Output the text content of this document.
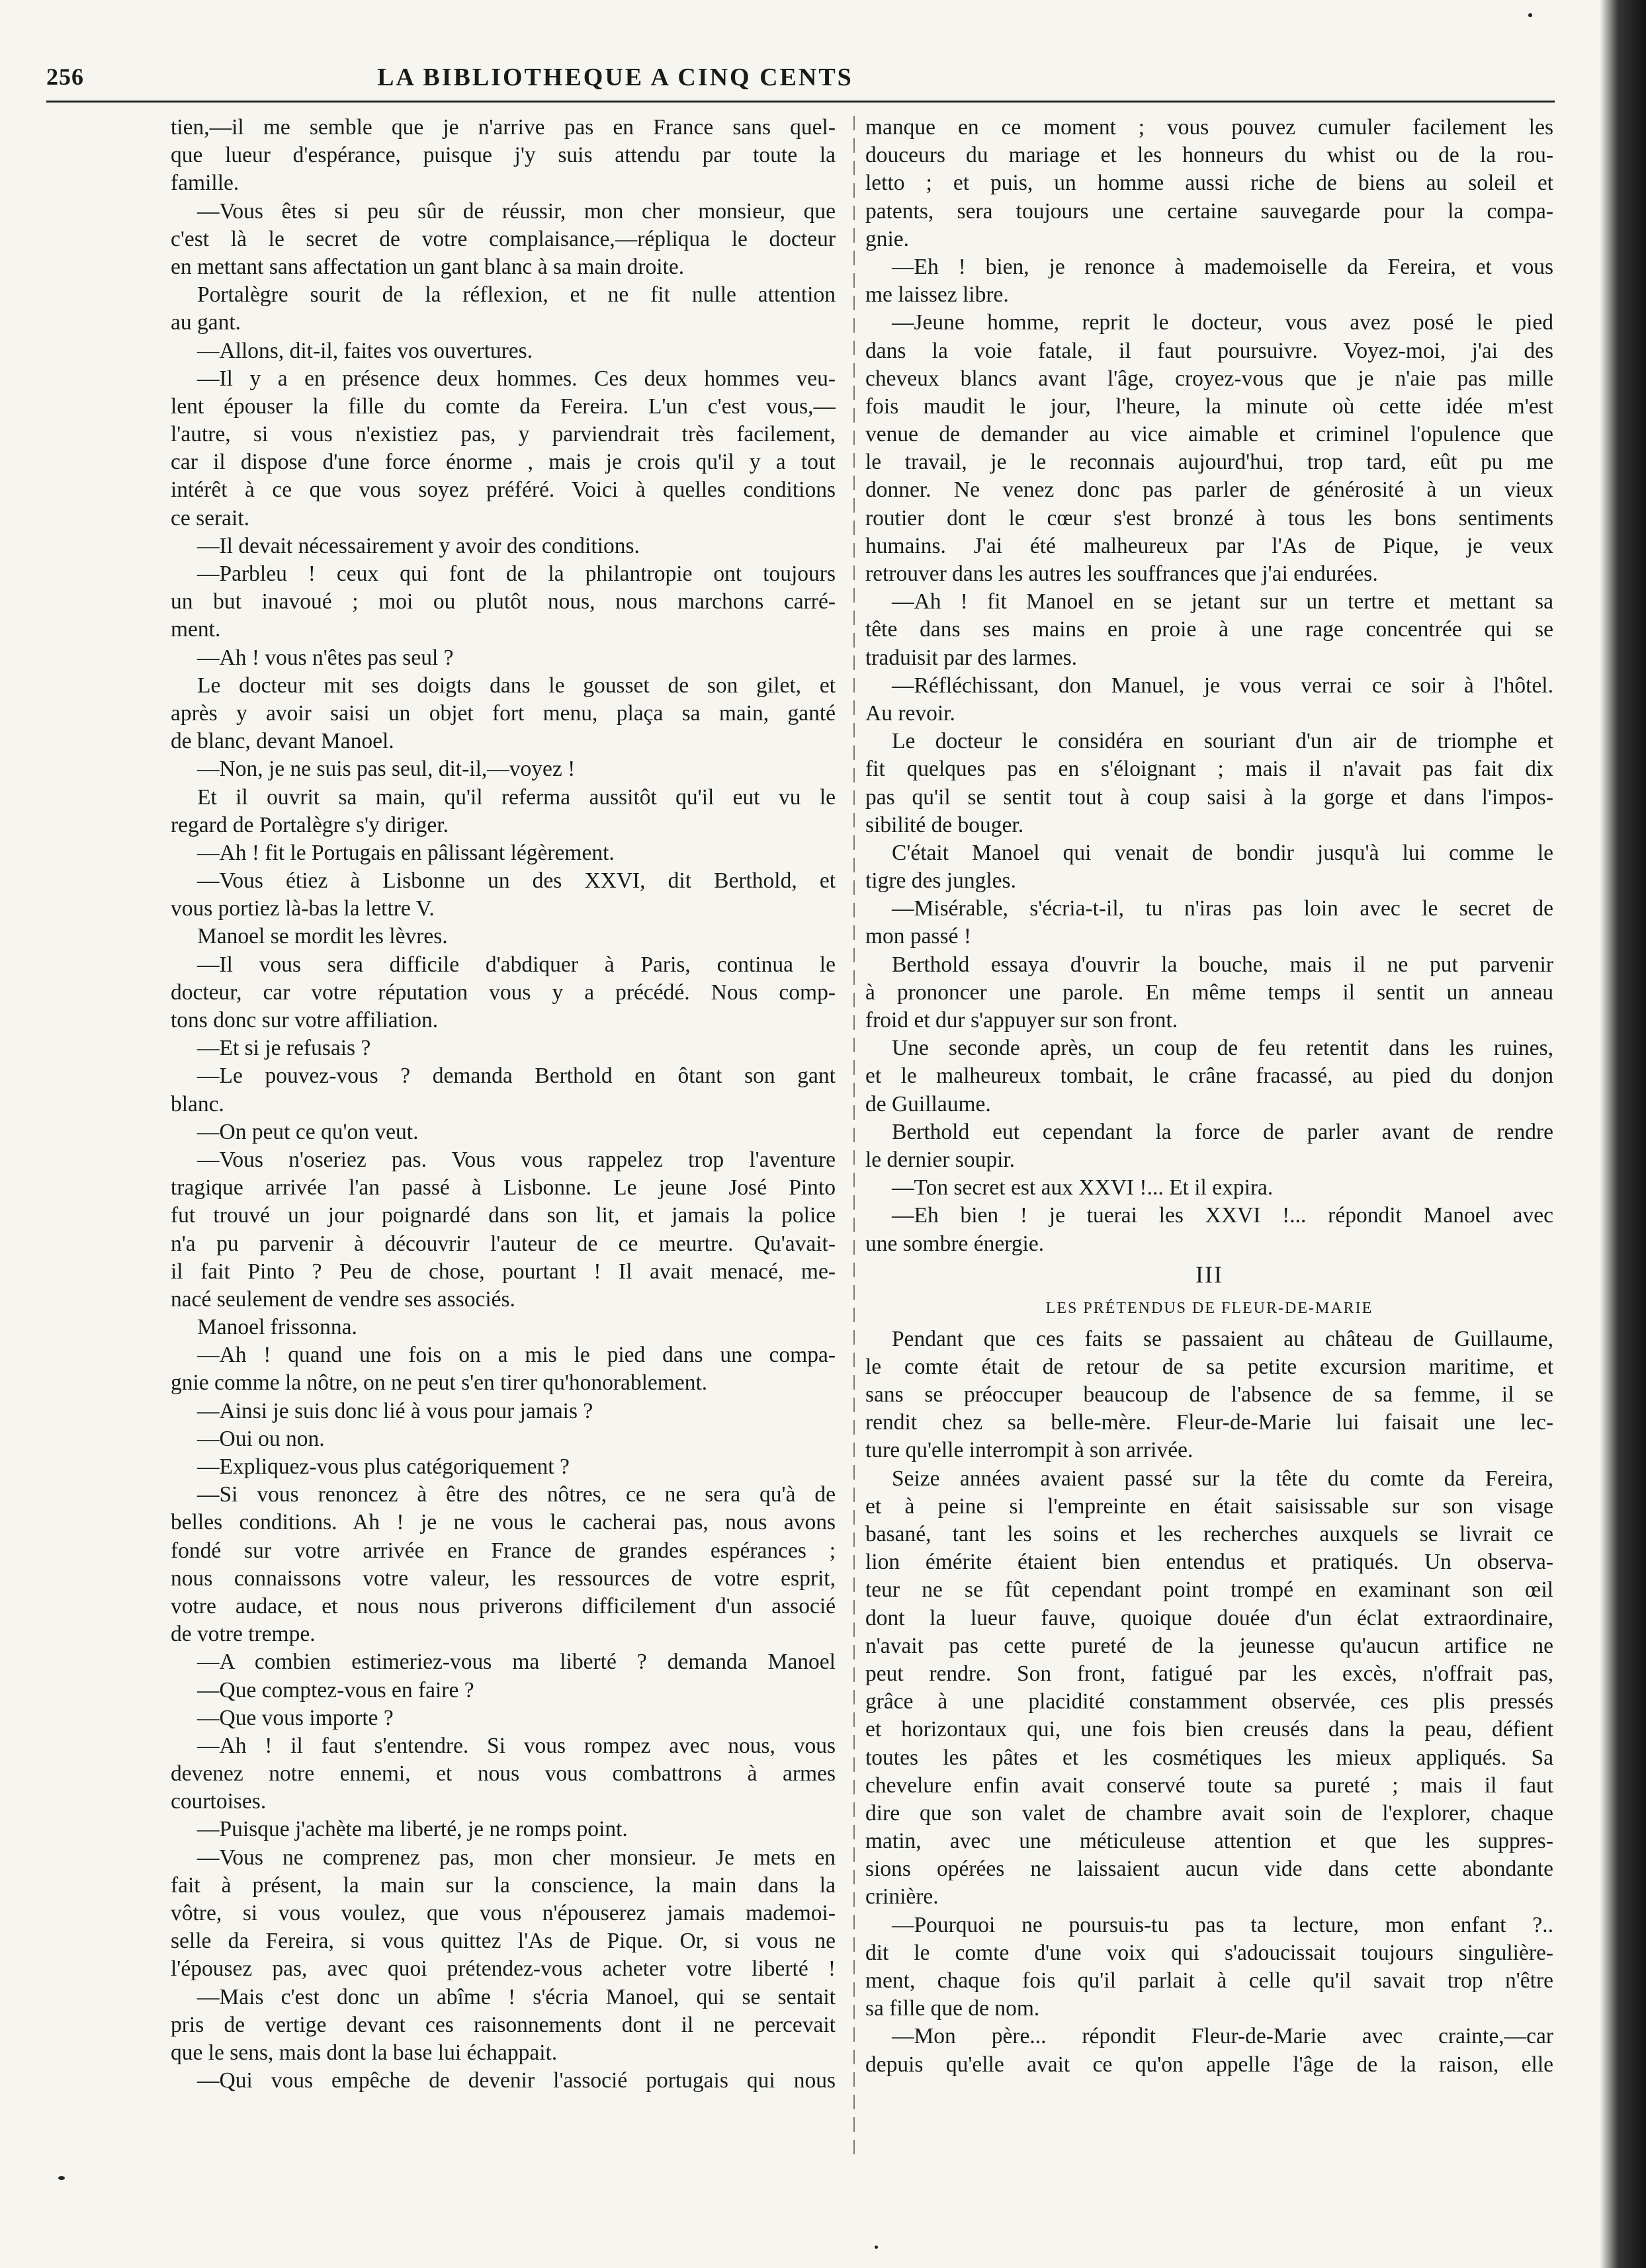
256	LA BIBLIOTHEQUE A CINQ CENTS
tien,—il me semble que je n'arrive pas en France sans quel-
que lueur d'espérance, puisque j'y suis attendu par toute la
famille.
—Vous êtes si peu sûr de réussir, mon cher monsieur, que
c'est là le secret de votre complaisance,—répliqua le docteur
en mettant sans affectation un gant blanc à sa main droite.
Portalègre sourit de la réflexion, et ne fit nulle attention
au gant.
—Allons, dit-il, faites vos ouvertures.
—Il y a en présence deux hommes. Ces deux hommes veu-
lent épouser la fille du comte da Fereira. L'un c'est vous,—
l'autre, si vous n'existiez pas, y parviendrait très facilement,
car il dispose d'une force énorme , mais je crois qu'il y a tout
intérêt à ce que vous soyez préféré. Voici à quelles conditions
ce serait.
—Il devait nécessairement y avoir des conditions.
—Parbleu ! ceux qui font de la philantropie ont toujours
un but inavoué ; moi ou plutôt nous, nous marchons carré-
ment.
—Ah ! vous n'êtes pas seul ?
Le docteur mit ses doigts dans le gousset de son gilet, et
après y avoir saisi un objet fort menu, plaça sa main, ganté
de blanc, devant Manoel.
—Non, je ne suis pas seul, dit-il,—voyez !
Et il ouvrit sa main, qu'il referma aussitôt qu'il eut vu le
regard de Portalègre s'y diriger.
—Ah ! fit le Portugais en pâlissant légèrement.
—Vous étiez à Lisbonne un des XXVI, dit Berthold, et
vous portiez là-bas la lettre V.
Manoel se mordit les lèvres.
—Il vous sera difficile d'abdiquer à Paris, continua le
docteur, car votre réputation vous y a précédé. Nous comp-
tons donc sur votre affiliation.
—Et si je refusais ?
—Le pouvez-vous ? demanda Berthold en ôtant son gant
blanc.
—On peut ce qu'on veut.
—Vous n'oseriez pas. Vous vous rappelez trop l'aventure
tragique arrivée l'an passé à Lisbonne. Le jeune José Pinto
fut trouvé un jour poignardé dans son lit, et jamais la police
n'a pu parvenir à découvrir l'auteur de ce meurtre. Qu'avait-
il fait Pinto ? Peu de chose, pourtant ! Il avait menacé, me-
nacé seulement de vendre ses associés.
Manoel frissonna.
—Ah ! quand une fois on a mis le pied dans une compa-
gnie comme la nôtre, on ne peut s'en tirer qu'honorablement.
—Ainsi je suis donc lié à vous pour jamais ?
—Oui ou non.
—Expliquez-vous plus catégoriquement ?
—Si vous renoncez à être des nôtres, ce ne sera qu'à de
belles conditions. Ah ! je ne vous le cacherai pas, nous avons
fondé sur votre arrivée en France de grandes espérances ;
nous connaissons votre valeur, les ressources de votre esprit,
votre audace, et nous nous priverons difficilement d'un associé
de votre trempe.
—A combien estimeriez-vous ma liberté ? demanda Manoel
—Que comptez-vous en faire ?
—Que vous importe ?
—Ah ! il faut s'entendre. Si vous rompez avec nous, vous
devenez notre ennemi, et nous vous combattrons à armes
courtoises.
—Puisque j'achète ma liberté, je ne romps point.
—Vous ne comprenez pas, mon cher monsieur. Je mets en
fait à présent, la main sur la conscience, la main dans la
vôtre, si vous voulez, que vous n'épouserez jamais mademoi-
selle da Fereira, si vous quittez l'As de Pique. Or, si vous ne
l'épousez pas, avec quoi prétendez-vous acheter votre liberté !
—Mais c'est donc un abîme ! s'écria Manoel, qui se sentait
pris de vertige devant ces raisonnements dont il ne percevait
que le sens, mais dont la base lui échappait.
—Qui vous empêche de devenir l'associé portugais qui nous
manque en ce moment ; vous pouvez cumuler facilement les
douceurs du mariage et les honneurs du whist ou de la rou-
letto ; et puis, un homme aussi riche de biens au soleil et
patents, sera toujours une certaine sauvegarde pour la compa-
gnie.
—Eh ! bien, je renonce à mademoiselle da Fereira, et vous
me laissez libre.
—Jeune homme, reprit le docteur, vous avez posé le pied
dans la voie fatale, il faut poursuivre. Voyez-moi, j'ai des
cheveux blancs avant l'âge, croyez-vous que je n'aie pas mille
fois maudit le jour, l'heure, la minute où cette idée m'est
venue de demander au vice aimable et criminel l'opulence que
le travail, je le reconnais aujourd'hui, trop tard, eût pu me
donner. Ne venez donc pas parler de générosité à un vieux
routier dont le cœur s'est bronzé à tous les bons sentiments
humains. J'ai été malheureux par l'As de Pique, je veux
retrouver dans les autres les souffrances que j'ai endurées.
—Ah ! fit Manoel en se jetant sur un tertre et mettant sa
tête dans ses mains en proie à une rage concentrée qui se
traduisit par des larmes.
—Réfléchissant, don Manuel, je vous verrai ce soir à l'hôtel.
Au revoir.
Le docteur le considéra en souriant d'un air de triomphe et
fit quelques pas en s'éloignant ; mais il n'avait pas fait dix
pas qu'il se sentit tout à coup saisi à la gorge et dans l'impos-
sibilité de bouger.
C'était Manoel qui venait de bondir jusqu'à lui comme le
tigre des jungles.
—Misérable, s'écria-t-il, tu n'iras pas loin avec le secret de
mon passé !
Berthold essaya d'ouvrir la bouche, mais il ne put parvenir
à prononcer une parole. En même temps il sentit un anneau
froid et dur s'appuyer sur son front.
Une seconde après, un coup de feu retentit dans les ruines,
et le malheureux tombait, le crâne fracassé, au pied du donjon
de Guillaume.
Berthold eut cependant la force de parler avant de rendre
le dernier soupir.
—Ton secret est aux XXVI !... Et il expira.
—Eh bien ! je tuerai les XXVI !... répondit Manoel avec
une sombre énergie.
III
LES PRÉTENDUS DE FLEUR-DE-MARIE
Pendant que ces faits se passaient au château de Guillaume,
le comte était de retour de sa petite excursion maritime, et
sans se préoccuper beaucoup de l'absence de sa femme, il se
rendit chez sa belle-mère. Fleur-de-Marie lui faisait une lec-
ture qu'elle interrompit à son arrivée.
Seize années avaient passé sur la tête du comte da Fereira,
et à peine si l'empreinte en était saisissable sur son visage
basané, tant les soins et les recherches auxquels se livrait ce
lion émérite étaient bien entendus et pratiqués. Un observa-
teur ne se fût cependant point trompé en examinant son œil
dont la lueur fauve, quoique douée d'un éclat extraordinaire,
n'avait pas cette pureté de la jeunesse qu'aucun artifice ne
peut rendre. Son front, fatigué par les excès, n'offrait pas,
grâce à une placidité constamment observée, ces plis pressés
et horizontaux qui, une fois bien creusés dans la peau, défient
toutes les pâtes et les cosmétiques les mieux appliqués. Sa
chevelure enfin avait conservé toute sa pureté ; mais il faut
dire que son valet de chambre avait soin de l'explorer, chaque
matin, avec une méticuleuse attention et que les suppres-
sions opérées ne laissaient aucun vide dans cette abondante
crinière.
—Pourquoi ne poursuis-tu pas ta lecture, mon enfant ?..
dit le comte d'une voix qui s'adoucissait toujours singulière-
ment, chaque fois qu'il parlait à celle qu'il savait trop n'être
sa fille que de nom.
—Mon père... répondit Fleur-de-Marie avec crainte,—car
depuis qu'elle avait ce qu'on appelle l'âge de la raison, elle
